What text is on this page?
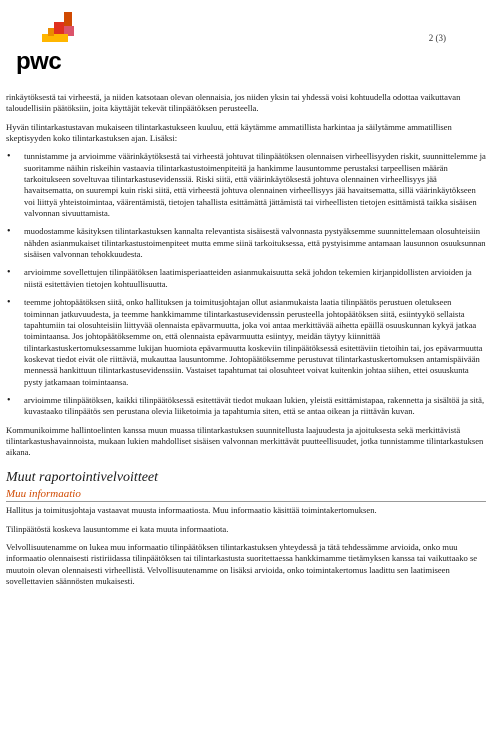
pwc
2 (3)

rinkäytöksestä tai virheestä, ja niiden katsotaan olevan olennaisia, jos niiden yksin tai yhdessä voisi kohtuudella odottaa vaikuttavan taloudellisiin päätöksiin, joita käyttäjät tekevät tilinpäätöksen perusteella.

Hyvän tilintarkastustavan mukaiseen tilintarkastukseen kuuluu, että käytämme ammatillista harkintaa ja säilytämme ammatillisen skeptisyyden koko tilintarkastuksen ajan. Lisäksi:

• tunnistamme ja arvioimme väärinkäytöksestä tai virheestä johtuvat tilinpäätöksen olennaisen virheellisyyden riskit, suunnittelemme ja suoritamme näihin riskeihin vastaavia tilintarkastustoimenpiteitä ja hankimme lausuntomme perustaksi tarpeellisen määrän tarkoitukseen soveltuvaa tilintarkastusevidenssiä. Riski siitä, että väärinkäytöksestä johtuva olennainen virheellisyys jää havaitsematta, on suurempi kuin riski siitä, että virheestä johtuva olennainen virheellisyys jää havaitsematta, sillä väärinkäytökseen voi liittyä yhteistoimintaa, väärentämistä, tietojen tahallista esittämättä jättämistä tai virheellisten tietojen esittämistä taikka sisäisen valvonnan sivuuttamista.
• muodostamme käsityksen tilintarkastuksen kannalta relevantista sisäisestä valvonnasta pystyäksemme suunnittelemaan olosuhteisiin nähden asianmukaiset tilintarkastustoimenpiteet mutta emme siinä tarkoituksessa, että pystyisimme antamaan lausunnon osuuksunnan sisäisen valvonnan tehokkuudesta.
• arvioimme sovellettujen tilinpäätöksen laatimisperiaatteiden asianmukaisuutta sekä johdon tekemien kirjanpidollisten arvioiden ja niistä esitettävien tietojen kohtuullisuutta.
• teemme johtopäätöksen siitä, onko hallituksen ja toimitusjohtajan ollut asianmukaista laatia tilinpäätös perustuen oletukseen toiminnan jatkuvuudesta, ja teemme hankkimamme tilintarkastusevidenssin perusteella johtopäätöksen siitä, esiintyykö sellaista tapahtumiin tai olosuhteisiin liittyvää olennaista epävarmuutta, joka voi antaa merkittävää aihetta epäillä osuuskunnan kykyä jatkaa toimintaansa. Jos johtopäätöksemme on, että olennaista epävarmuutta esiintyy, meidän täytyy kiinnittää tilintarkastuskertomuksessamme lukijan huomiota epävarmuutta koskeviin tilinpäätöksessä esitettäviin tietoihin tai, jos epävarmuutta koskevat tiedot eivät ole riittäviä, mukauttaa lausuntomme. Johtopäätöksemme perustuvat tilintarkastuskertomuksen antamispäivään mennessä hankittuun tilintarkastusevidenssiin. Vastaiset tapahtumat tai olosuhteet voivat kuitenkin johtaa siihen, ettei osuuskunta pysty jatkamaan toimintaansa.
• arvioimme tilinpäätöksen, kaikki tilinpäätöksessä esitettävät tiedot mukaan lukien, yleistä esittämistapaa, rakennetta ja sisältöä ja sitä, kuvastaako tilinpäätös sen perustana olevia liiketoimia ja tapahtumia siten, että se antaa oikean ja riittävän kuvan.

Kommunikoimme hallintoelinten kanssa muun muassa tilintarkastuksen suunnitellusta laajuudesta ja ajoituksesta sekä merkittävistä tilintarkastushavainnoista, mukaan lukien mahdolliset sisäisen valvonnan merkittävät puutteellisuudet, jotka tunnistamme tilintarkastuksen aikana.

Muut raportointivelvoitteet
Muu informaatio

Hallitus ja toimitusjohtaja vastaavat muusta informaatiosta. Muu informaatio käsittää toimintakertomuksen.

Tilinpäätöstä koskeva lausuntomme ei kata muuta informaatiota.

Velvollisuutenamme on lukea muu informaatio tilinpäätöksen tilintarkastuksen yhteydessä ja tätä tehdessämme arvioida, onko muu informaatio olennaisesti ristiriidassa tilinpäätöksen tai tilintarkastusta suoritettaessa hankkimamme tietämyksen kanssa tai vaikuttaako se muutoin olevan olennaisesti virheellistä. Velvollisuutenamme on lisäksi arvioida, onko toimintakertomus laadittu sen laatimiseen sovellettavien säännösten mukaisesti.
